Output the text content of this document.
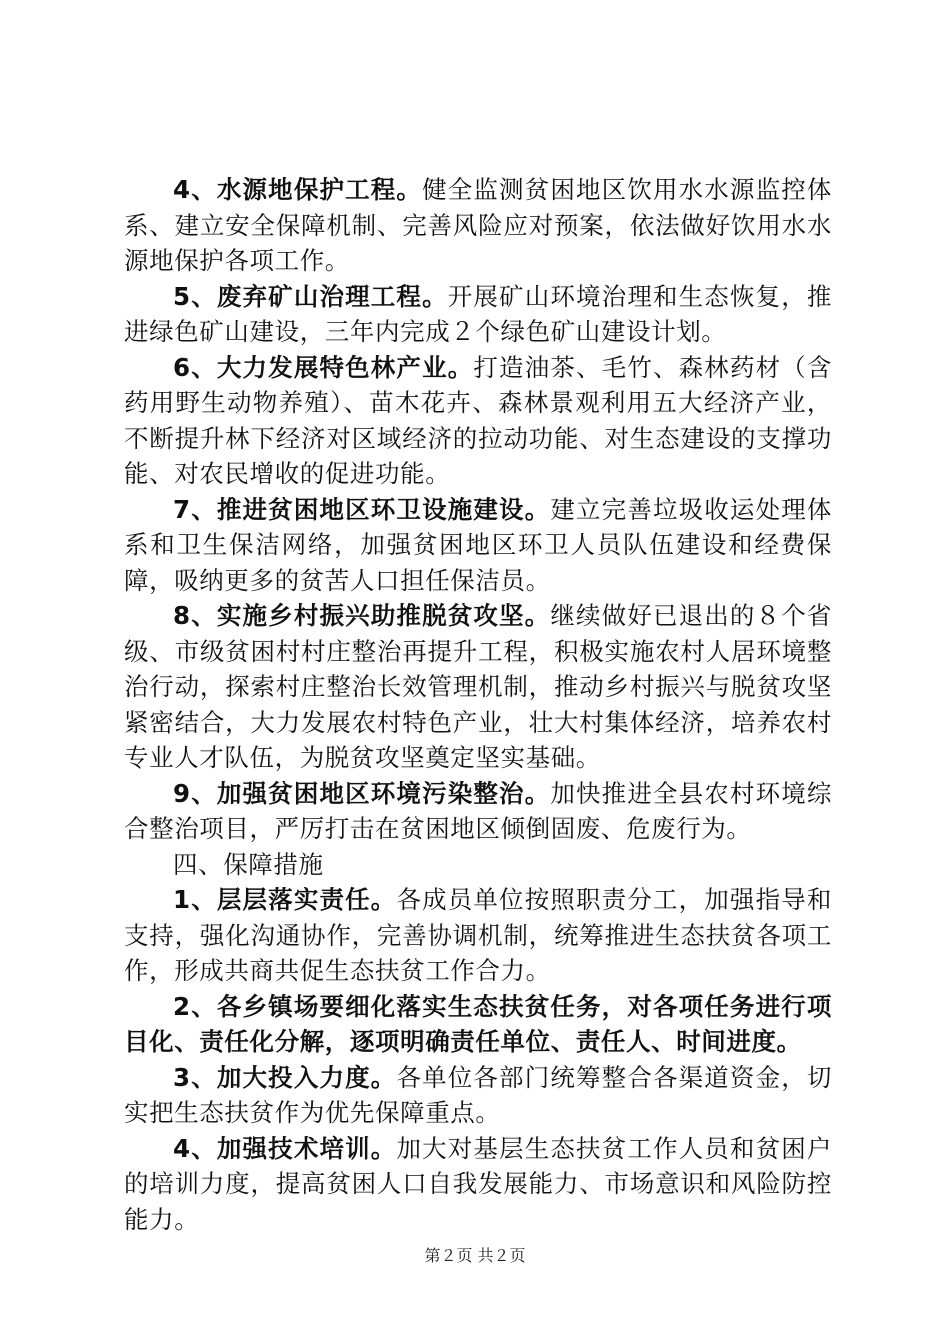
4、水源地保护工程。健全监测贫困地区饮用水水源监控体系、建立安全保障机制、完善风险应对预案，依法做好饮用水水源地保护各项工作。

5、废弃矿山治理工程。开展矿山环境治理和生态恢复，推进绿色矿山建设，三年内完成２个绿色矿山建设计划。

6、大力发展特色林产业。打造油茶、毛竹、森林药材（含药用野生动物养殖）、苗木花卉、森林景观利用五大经济产业，不断提升林下经济对区域经济的拉动功能、对生态建设的支撑功能、对农民增收的促进功能。

7、推进贫困地区环卫设施建设。建立完善垃圾收运处理体系和卫生保洁网络，加强贫困地区环卫人员队伍建设和经费保障，吸纳更多的贫苦人口担任保洁员。

8、实施乡村振兴助推脱贫攻坚。继续做好已退出的８个省级、市级贫困村村庄整治再提升工程，积极实施农村人居环境整治行动，探索村庄整治长效管理机制，推动乡村振兴与脱贫攻坚紧密结合，大力发展农村特色产业，壮大村集体经济，培养农村专业人才队伍，为脱贫攻坚奠定坚实基础。

9、加强贫困地区环境污染整治。加快推进全县农村环境综合整治项目，严厉打击在贫困地区倾倒固废、危废行为。

四、保障措施

1、层层落实责任。各成员单位按照职责分工，加强指导和支持，强化沟通协作，完善协调机制，统筹推进生态扶贫各项工作，形成共商共促生态扶贫工作合力。

2、各乡镇场要细化落实生态扶贫任务，对各项任务进行项目化、责任化分解，逐项明确责任单位、责任人、时间进度。

3、加大投入力度。各单位各部门统筹整合各渠道资金，切实把生态扶贫作为优先保障重点。

4、加强技术培训。加大对基层生态扶贫工作人员和贫困户的培训力度，提高贫困人口自我发展能力、市场意识和风险防控能力。

第２页 共２页
